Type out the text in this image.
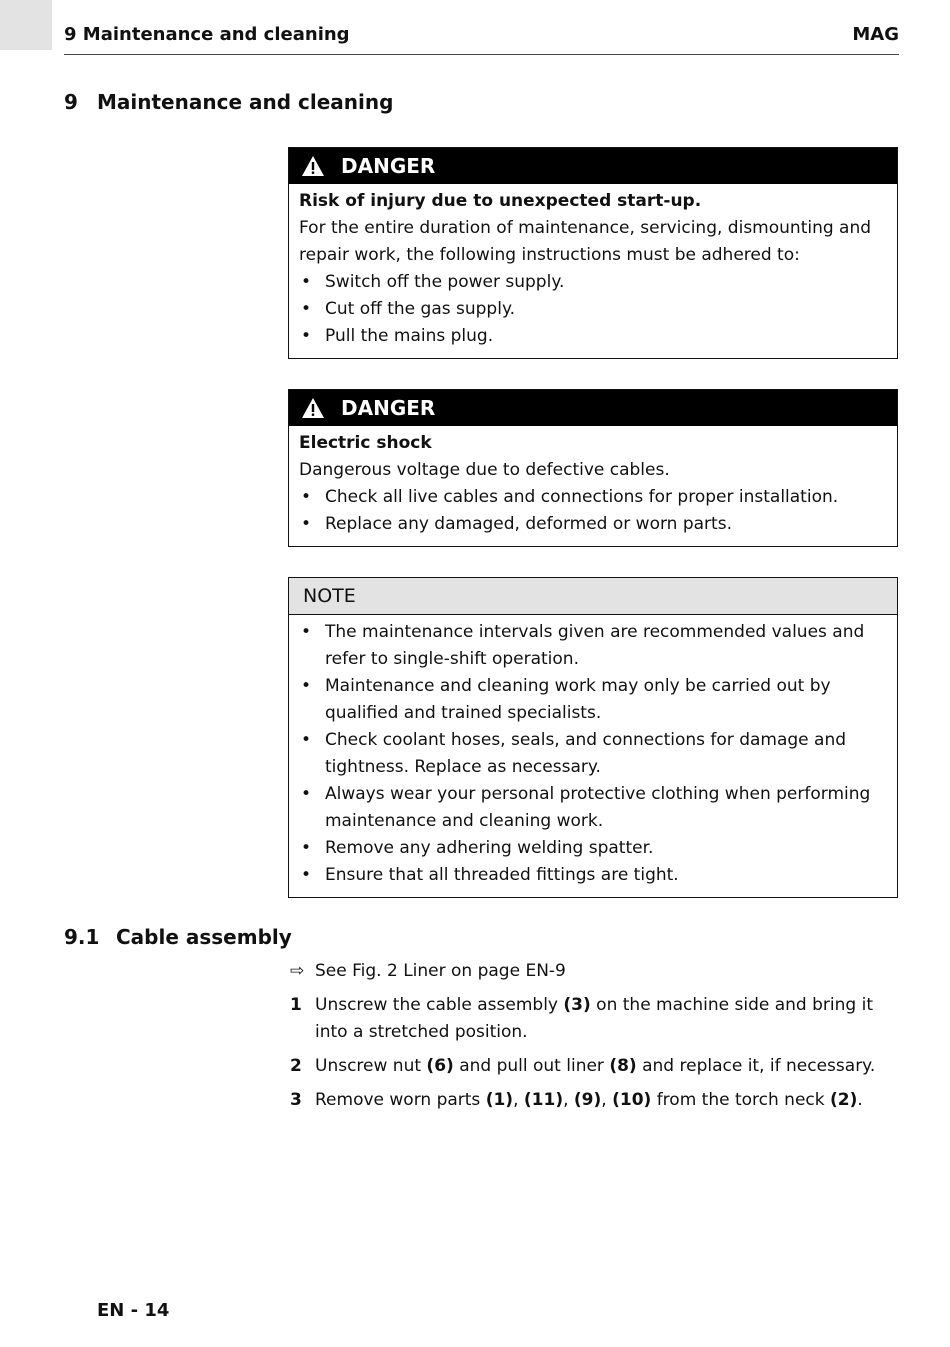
9 Maintenance and cleaning	MAG
9 Maintenance and cleaning
DANGER
Risk of injury due to unexpected start-up.
For the entire duration of maintenance, servicing, dismounting and repair work, the following instructions must be adhered to:
• Switch off the power supply.
• Cut off the gas supply.
• Pull the mains plug.
DANGER
Electric shock
Dangerous voltage due to defective cables.
• Check all live cables and connections for proper installation.
• Replace any damaged, deformed or worn parts.
NOTE
• The maintenance intervals given are recommended values and refer to single-shift operation.
• Maintenance and cleaning work may only be carried out by qualified and trained specialists.
• Check coolant hoses, seals, and connections for damage and tightness. Replace as necessary.
• Always wear your personal protective clothing when performing maintenance and cleaning work.
• Remove any adhering welding spatter.
• Ensure that all threaded fittings are tight.
9.1 Cable assembly
⇨ See Fig. 2 Liner on page EN-9
1 Unscrew the cable assembly (3) on the machine side and bring it into a stretched position.
2 Unscrew nut (6) and pull out liner (8) and replace it, if necessary.
3 Remove worn parts (1), (11), (9), (10) from the torch neck (2).
EN - 14
